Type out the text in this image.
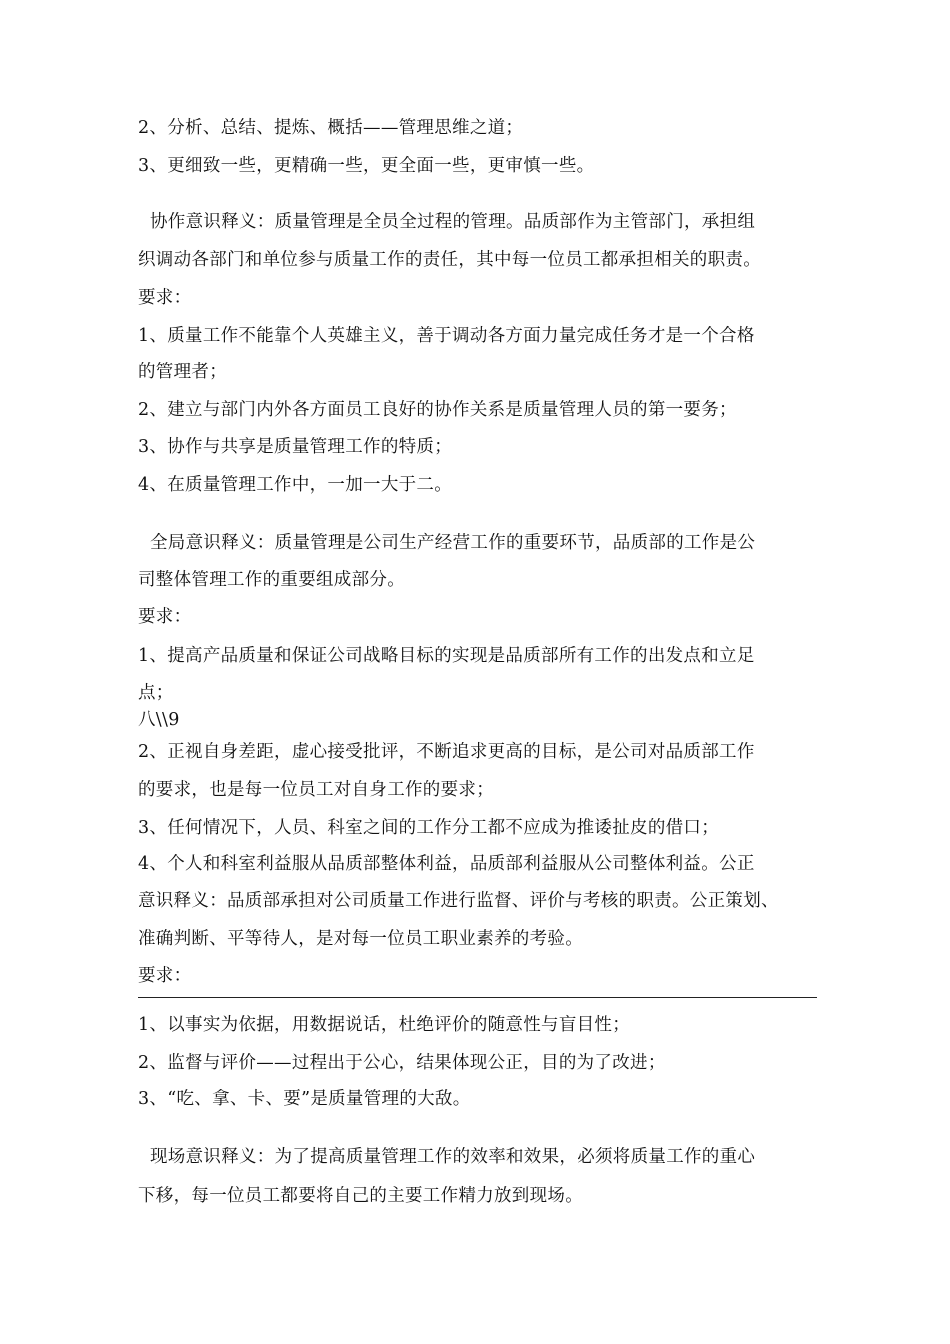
2、分析、总结、提炼、概括——管理思维之道；
3、更细致一些，更精确一些，更全面一些，更审慎一些。
协作意识释义：质量管理是全员全过程的管理。品质部作为主管部门，承担组
织调动各部门和单位参与质量工作的责任，其中每一位员工都承担相关的职责。
要求：
1、质量工作不能靠个人英雄主义，善于调动各方面力量完成任务才是一个合格
的管理者；
2、建立与部门内外各方面员工良好的协作关系是质量管理人员的第一要务；
3、协作与共享是质量管理工作的特质；
4、在质量管理工作中，一加一大于二。
全局意识释义：质量管理是公司生产经营工作的重要环节，品质部的工作是公
司整体管理工作的重要组成部分。
要求：
1、提高产品质量和保证公司战略目标的实现是品质部所有工作的出发点和立足
点；
八\\9
2、正视自身差距，虚心接受批评，不断追求更高的目标，是公司对品质部工作
的要求，也是每一位员工对自身工作的要求；
3、任何情况下，人员、科室之间的工作分工都不应成为推诿扯皮的借口；
4、个人和科室利益服从品质部整体利益，品质部利益服从公司整体利益。公正
意识释义：品质部承担对公司质量工作进行监督、评价与考核的职责。公正策划、
准确判断、平等待人，是对每一位员工职业素养的考验。
要求：
1、以事实为依据，用数据说话，杜绝评价的随意性与盲目性；
2、监督与评价——过程出于公心，结果体现公正，目的为了改进；
3、“吃、拿、卡、要”是质量管理的大敌。
现场意识释义：为了提高质量管理工作的效率和效果，必须将质量工作的重心
下移，每一位员工都要将自己的主要工作精力放到现场。
